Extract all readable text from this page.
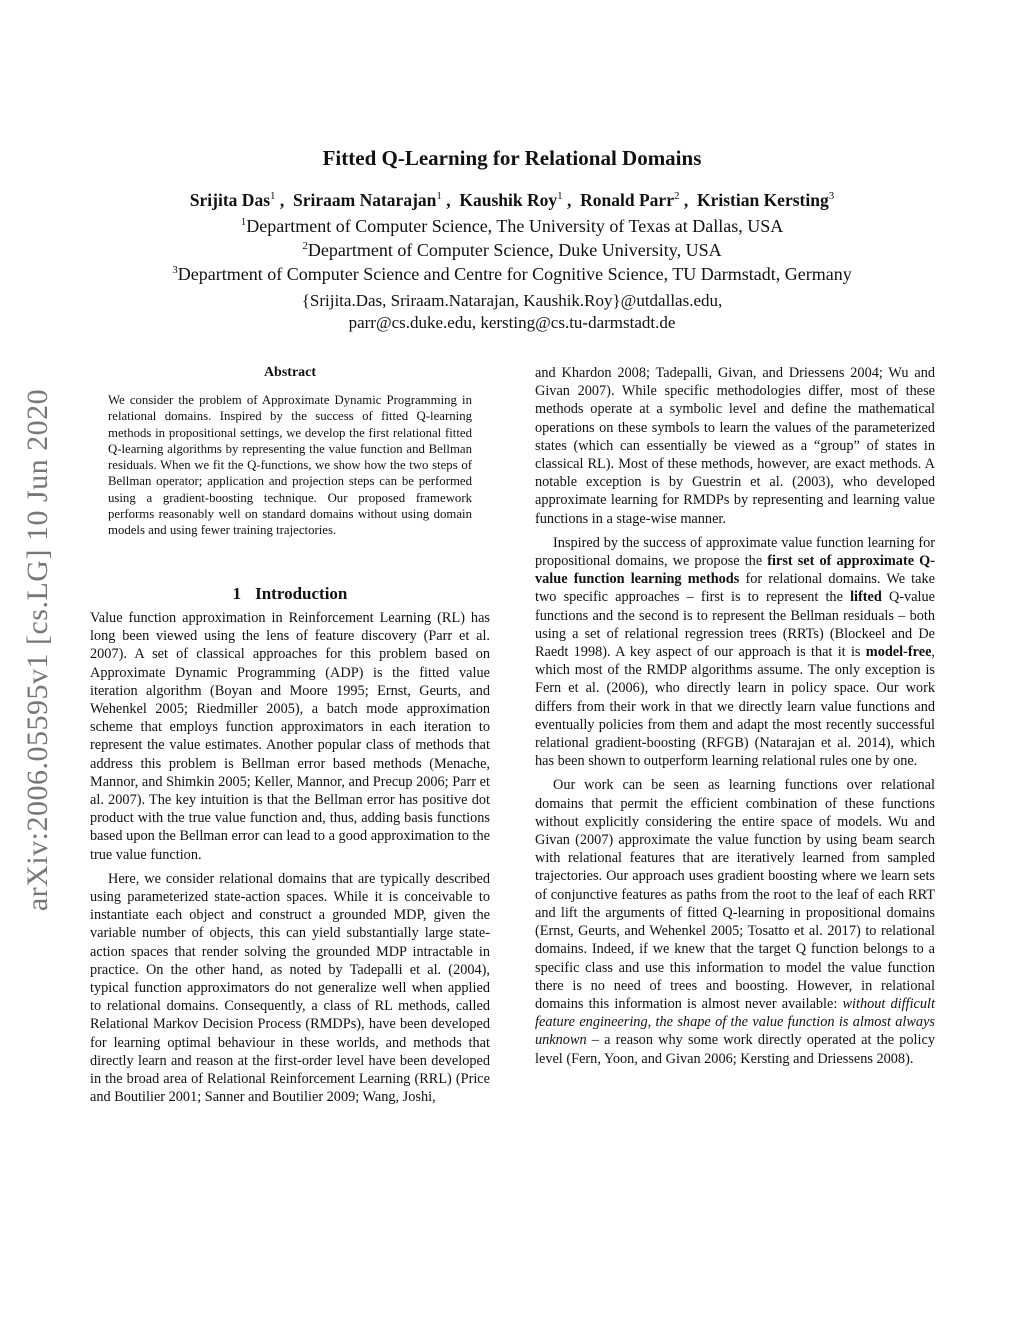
Fitted Q-Learning for Relational Domains
Srijita Das$^1$ ,  Sriraam Natarajan$^1$ ,  Kaushik Roy$^1$ ,  Ronald Parr$^2$ ,  Kristian Kersting$^3$
$^1$Department of Computer Science, The University of Texas at Dallas, USA
$^2$Department of Computer Science, Duke University, USA
$^3$Department of Computer Science and Centre for Cognitive Science, TU Darmstadt, Germany
{Srijita.Das, Sriraam.Natarajan, Kaushik.Roy}@utdallas.edu,
parr@cs.duke.edu, kersting@cs.tu-darmstadt.de
arXiv:2006.05595v1 [cs.LG] 10 Jun 2020
Abstract
We consider the problem of Approximate Dynamic Programming in relational domains. Inspired by the success of fitted Q-learning methods in propositional settings, we develop the first relational fitted Q-learning algorithms by representing the value function and Bellman residuals. When we fit the Q-functions, we show how the two steps of Bellman operator; application and projection steps can be performed using a gradient-boosting technique. Our proposed framework performs reasonably well on standard domains without using domain models and using fewer training trajectories.
1 Introduction

Value function approximation in Reinforcement Learning (RL) has long been viewed using the lens of feature discovery (Parr et al. 2007). A set of classical approaches for this problem based on Approximate Dynamic Programming (ADP) is the fitted value iteration algorithm (Boyan and Moore 1995; Ernst, Geurts, and Wehenkel 2005; Riedmiller 2005), a batch mode approximation scheme that employs function approximators in each iteration to represent the value estimates. Another popular class of methods that address this problem is Bellman error based methods (Menache, Mannor, and Shimkin 2005; Keller, Mannor, and Precup 2006; Parr et al. 2007). The key intuition is that the Bellman error has positive dot product with the true value function and, thus, adding basis functions based upon the Bellman error can lead to a good approximation to the true value function.

Here, we consider relational domains that are typically described using parameterized state-action spaces. While it is conceivable to instantiate each object and construct a grounded MDP, given the variable number of objects, this can yield substantially large state-action spaces that render solving the grounded MDP intractable in practice. On the other hand, as noted by Tadepalli et al. (2004), typical function approximators do not generalize well when applied to relational domains. Consequently, a class of RL methods, called Relational Markov Decision Process (RMDPs), have been developed for learning optimal behaviour in these worlds, and methods that directly learn and reason at the first-order level have been developed in the broad area of Relational Reinforcement Learning (RRL) (Price and Boutilier 2001; Sanner and Boutilier 2009; Wang, Joshi,

and Khardon 2008; Tadepalli, Givan, and Driessens 2004; Wu and Givan 2007). While specific methodologies differ, most of these methods operate at a symbolic level and define the mathematical operations on these symbols to learn the values of the parameterized states (which can essentially be viewed as a “group” of states in classical RL). Most of these methods, however, are exact methods. A notable exception is by Guestrin et al. (2003), who developed approximate learning for RMDPs by representing and learning value functions in a stage-wise manner.

Inspired by the success of approximate value function learning for propositional domains, we propose the first set of approximate Q-value function learning methods for relational domains. We take two specific approaches – first is to represent the lifted Q-value functions and the second is to represent the Bellman residuals – both using a set of relational regression trees (RRTs) (Blockeel and De Raedt 1998). A key aspect of our approach is that it is model-free, which most of the RMDP algorithms assume. The only exception is Fern et al. (2006), who directly learn in policy space. Our work differs from their work in that we directly learn value functions and eventually policies from them and adapt the most recently successful relational gradient-boosting (RFGB) (Natarajan et al. 2014), which has been shown to outperform learning relational rules one by one.

Our work can be seen as learning functions over relational domains that permit the efficient combination of these functions without explicitly considering the entire space of models. Wu and Givan (2007) approximate the value function by using beam search with relational features that are iteratively learned from sampled trajectories. Our approach uses gradient boosting where we learn sets of conjunctive features as paths from the root to the leaf of each RRT and lift the arguments of fitted Q-learning in propositional domains (Ernst, Geurts, and Wehenkel 2005; Tosatto et al. 2017) to relational domains. Indeed, if we knew that the target Q function belongs to a specific class and use this information to model the value function there is no need of trees and boosting. However, in relational domains this information is almost never available: without difficult feature engineering, the shape of the value function is almost always unknown – a reason why some work directly operated at the policy level (Fern, Yoon, and Givan 2006; Kersting and Driessens 2008).
